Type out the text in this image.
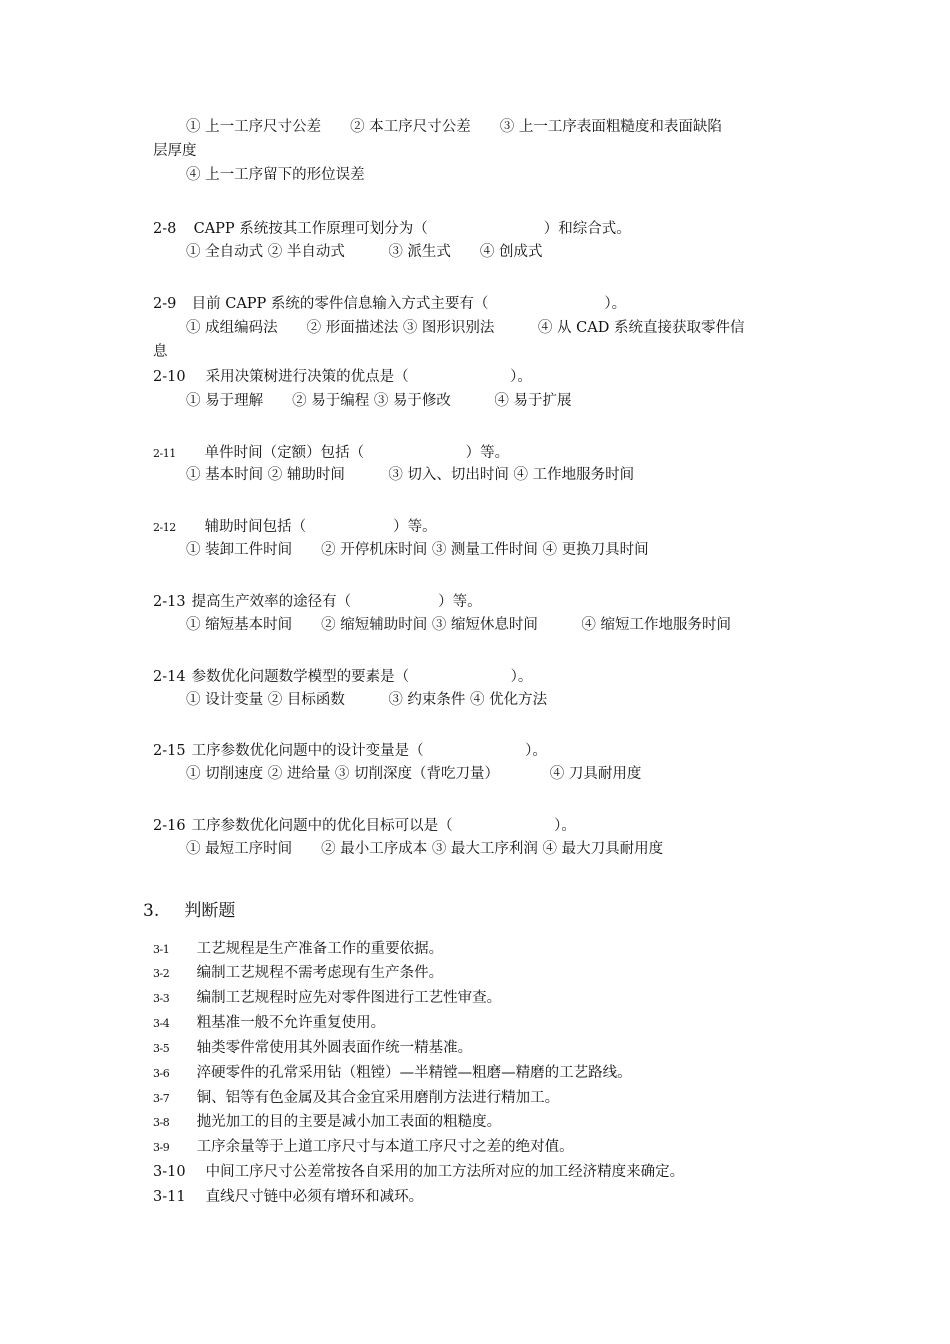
① 上一工序尺寸公差　　② 本工序尺寸公差　　③ 上一工序表面粗糙度和表面缺陷
层厚度
④ 上一工序留下的形位误差
2-8 CAPP 系统按其工作原理可划分为（　　　　　　　　）和综合式。
① 全自动式 ② 半自动式　　　③ 派生式　　④ 创成式
2-9 目前 CAPP 系统的零件信息输入方式主要有（　　　　　　　　）。
① 成组编码法　　② 形面描述法 ③ 图形识别法　　　④ 从 CAD 系统直接获取零件信
息
2-10 采用决策树进行决策的优点是（　　　　　　　）。
① 易于理解　　② 易于编程 ③ 易于修改　　　④ 易于扩展
2-11 单件时间（定额）包括（　　　　　　　）等。
① 基本时间 ② 辅助时间　　　③ 切入、切出时间 ④ 工作地服务时间
2-12 辅助时间包括（　　　　　　）等。
① 装卸工件时间　　② 开停机床时间 ③ 测量工件时间 ④ 更换刀具时间
2-13 提高生产效率的途径有（　　　　　　）等。
① 缩短基本时间　　② 缩短辅助时间 ③ 缩短休息时间　　　④ 缩短工作地服务时间
2-14 参数优化问题数学模型的要素是（　　　　　　　）。
① 设计变量 ② 目标函数　　　③ 约束条件 ④ 优化方法
2-15 工序参数优化问题中的设计变量是（　　　　　　　）。
① 切削速度 ② 进给量 ③ 切削深度（背吃刀量）　　　　④ 刀具耐用度
2-16 工序参数优化问题中的优化目标可以是（　　　　　　　）。
① 最短工序时间　　② 最小工序成本 ③ 最大工序利润 ④ 最大刀具耐用度
3. 判断题
3-1 工艺规程是生产准备工作的重要依据。
3-2 编制工艺规程不需考虑现有生产条件。
3-3 编制工艺规程时应先对零件图进行工艺性审查。
3-4 粗基准一般不允许重复使用。
3-5 轴类零件常使用其外圆表面作统一精基准。
3-6 淬硬零件的孔常采用钻（粗镗）—半精镗—粗磨—精磨的工艺路线。
3-7 铜、铝等有色金属及其合金宜采用磨削方法进行精加工。
3-8 抛光加工的目的主要是减小加工表面的粗糙度。
3-9 工序余量等于上道工序尺寸与本道工序尺寸之差的绝对值。
3-10 中间工序尺寸公差常按各自采用的加工方法所对应的加工经济精度来确定。
3-11 直线尺寸链中必须有增环和减环。
